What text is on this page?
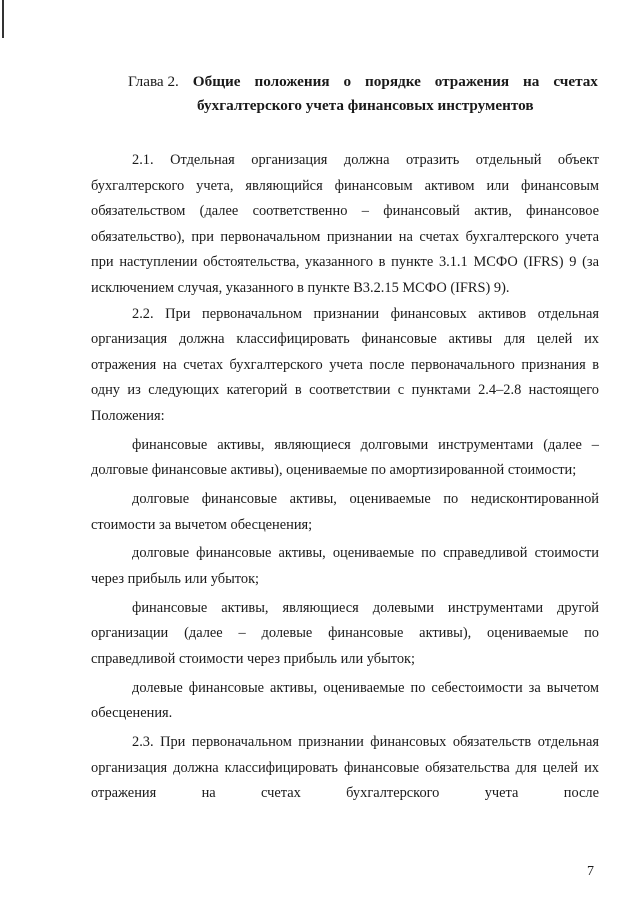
Глава 2. Общие положения о порядке отражения на счетах
бухгалтерского учета финансовых инструментов

2.1. Отдельная организация должна отразить отдельный объект бухгалтерского учета, являющийся финансовым активом или финансовым обязательством (далее соответственно – финансовый актив, финансовое обязательство), при первоначальном признании на счетах бухгалтерского учета при наступлении обстоятельства, указанного в пункте 3.1.1 МСФО (IFRS) 9 (за исключением случая, указанного в пункте B3.2.15 МСФО (IFRS) 9).

2.2. При первоначальном признании финансовых активов отдельная организация должна классифицировать финансовые активы для целей их отражения на счетах бухгалтерского учета после первоначального признания в одну из следующих категорий в соответствии с пунктами 2.4–2.8 настоящего Положения:

финансовые активы, являющиеся долговыми инструментами (далее – долговые финансовые активы), оцениваемые по амортизированной стоимости;

долговые финансовые активы, оцениваемые по недисконтированной стоимости за вычетом обесценения;

долговые финансовые активы, оцениваемые по справедливой стоимости через прибыль или убыток;

финансовые активы, являющиеся долевыми инструментами другой организации (далее – долевые финансовые активы), оцениваемые по справедливой стоимости через прибыль или убыток;

долевые финансовые активы, оцениваемые по себестоимости за вычетом обесценения.

2.3. При первоначальном признании финансовых обязательств отдельная организация должна классифицировать финансовые обязательства для целей их отражения на счетах бухгалтерского учета после

7
